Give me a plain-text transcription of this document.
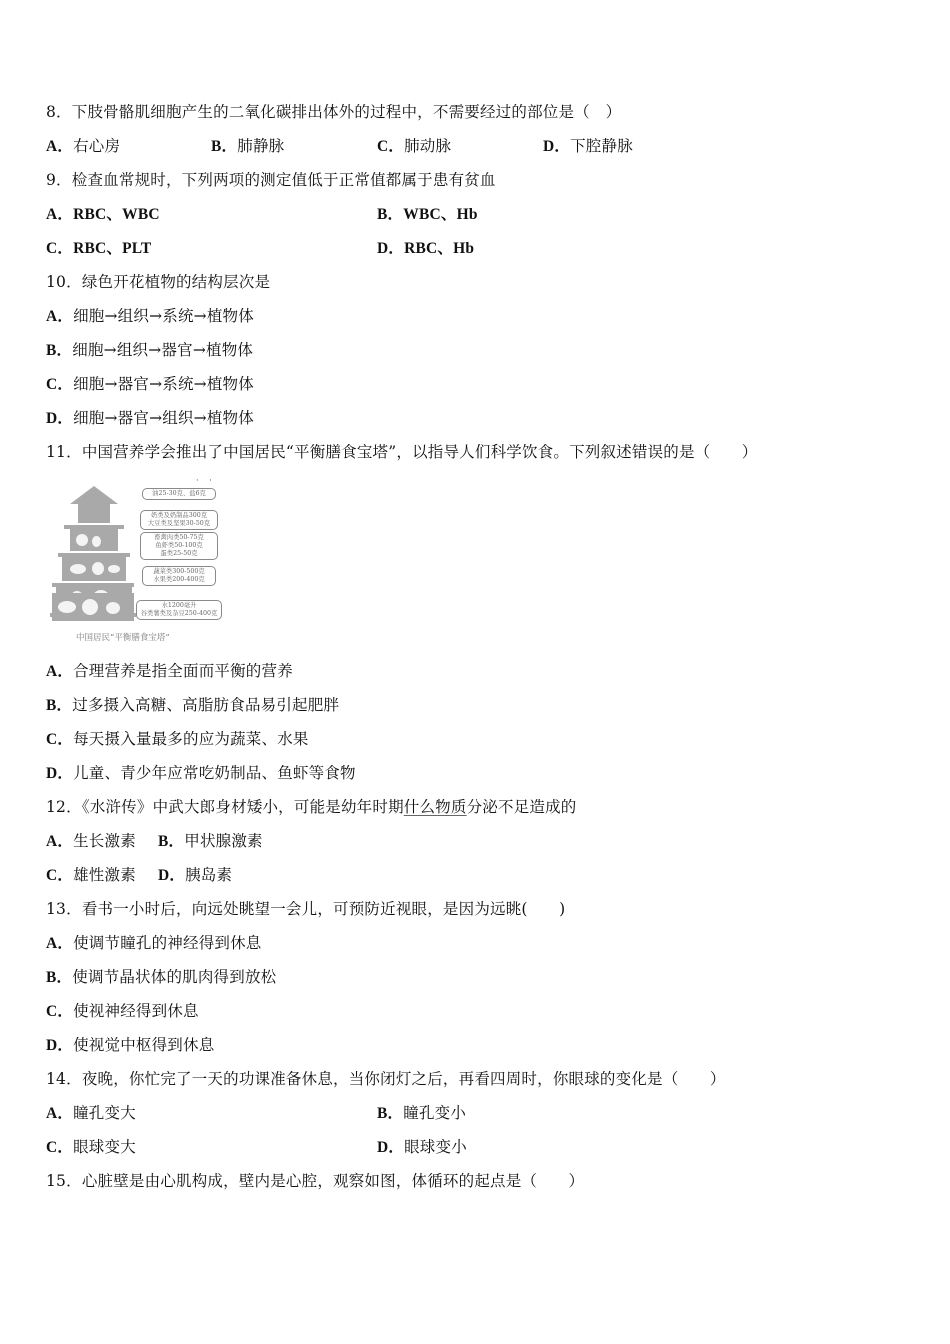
8．下肢骨骼肌细胞产生的二氧化碳排出体外的过程中，不需要经过的部位是（　）
A．右心房	B．肺静脉	C．肺动脉	D．下腔静脉
9．检查血常规时，下列两项的测定值低于正常值都属于患有贫血
A．RBC、WBC	B．WBC、Hb
C．RBC、PLT	D．RBC、Hb
10．绿色开花植物的结构层次是
A．细胞→组织→系统→植物体
B．细胞→组织→器官→植物体
C．细胞→器官→系统→植物体
D．细胞→器官→组织→植物体
11．中国营养学会推出了中国居民“平衡膳食宝塔”，以指导人们科学饮食。下列叙述错误的是（　　）
· ·
油25-30克、盐6克
奶类及奶制品300克
大豆类及坚果30-50克
畜禽肉类50-75克
鱼虾类50-100克
蛋类25-50克
蔬菜类300-500克
水果类200-400克
水1200毫升
谷类薯类及杂豆250-400克
中国居民“平衡膳食宝塔”
A．合理营养是指全面而平衡的营养
B．过多摄入高糖、高脂肪食品易引起肥胖
C．每天摄入量最多的应为蔬菜、水果
D．儿童、青少年应常吃奶制品、鱼虾等食物
12．《水浒传》中武大郎身材矮小，可能是幼年时期什么物质分泌不足造成的
A．生长激素 B．甲状腺激素
C．雄性激素 D．胰岛素
13．看书一小时后，向远处眺望一会儿，可预防近视眼，是因为远眺(　　)
A．使调节瞳孔的神经得到休息
B．使调节晶状体的肌肉得到放松
C．使视神经得到休息
D．使视觉中枢得到休息
14．夜晚，你忙完了一天的功课准备休息，当你闭灯之后，再看四周时，你眼球的变化是（　　）
A．瞳孔变大	B．瞳孔变小
C．眼球变大	D．眼球变小
15．心脏壁是由心肌构成，壁内是心腔，观察如图，体循环的起点是（　　）
